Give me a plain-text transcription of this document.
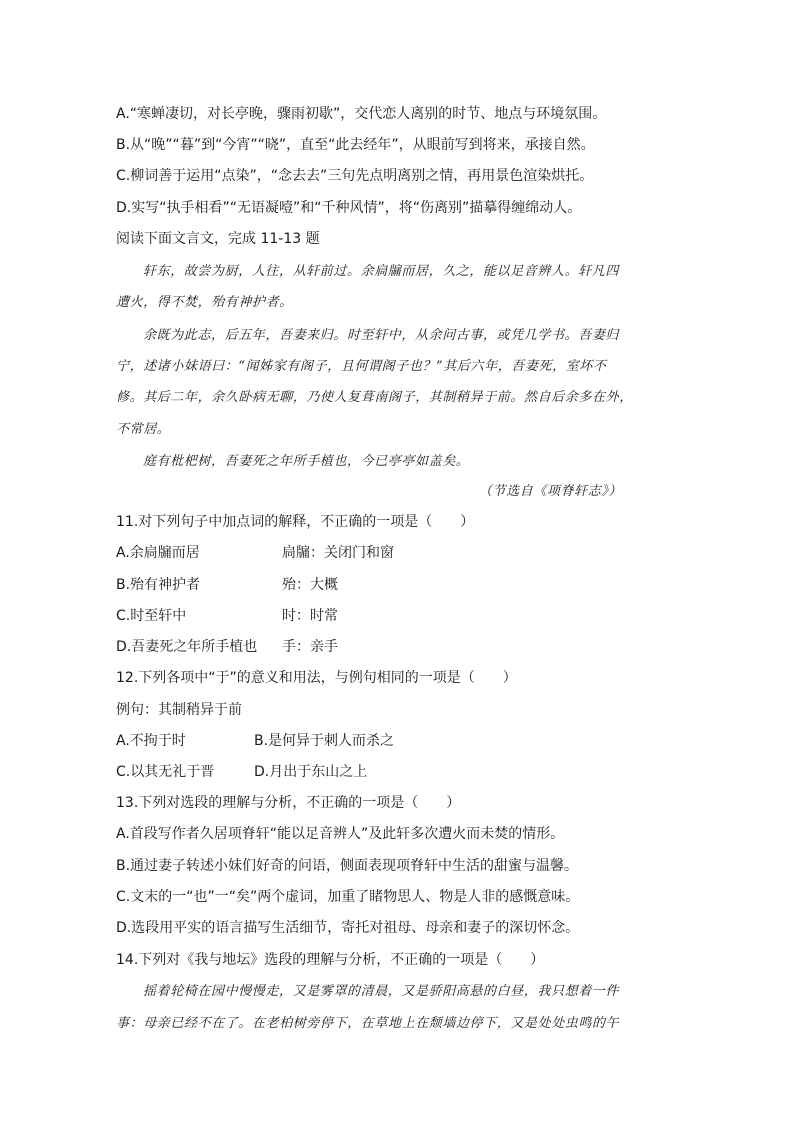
A.“寒蝉凄切，对长亭晚，骤雨初歇”，交代恋人离别的时节、地点与环境氛围。
B.从“晚”“暮”到“今宵”“晓”，直至“此去经年”，从眼前写到将来，承接自然。
C.柳词善于运用“点染”，“念去去”三句先点明离别之情，再用景色渲染烘托。
D.实写“执手相看”“无语凝噎”和“千种风情”，将“伤离别”描摹得缠绵动人。
阅读下面文言文，完成 11-13 题
轩东，故尝为厨，人往，从轩前过。余扃牖而居，久之，能以足音辨人。轩凡四
遭火，得不焚，殆有神护者。
余既为此志，后五年，吾妻来归。时至轩中，从余问古事，或凭几学书。吾妻归
宁，述诸小妹语曰：“闻姊家有阁子，且何谓阁子也？”其后六年，吾妻死，室坏不
修。其后二年，余久卧病无聊，乃使人复葺南阁子，其制稍异于前。然自后余多在外，
不常居。
庭有枇杷树，吾妻死之年所手植也，今已亭亭如盖矣。
（节选自《项脊轩志》）
11.对下列句子中加点词的解释，不正确的一项是（　　）
A.余扃牖而居	扃牖：关闭门和窗
B.殆有神护者	殆：大概
C.时至轩中	时：时常
D.吾妻死之年所手植也 手：亲手
12.下列各项中“于”的意义和用法，与例句相同的一项是（　　）
例句：其制稍异于前
A.不拘于时	B.是何异于刺人而杀之
C.以其无礼于晋	D.月出于东山之上
13.下列对选段的理解与分析，不正确的一项是（　　）
A.首段写作者久居项脊轩“能以足音辨人”及此轩多次遭火而未焚的情形。
B.通过妻子转述小妹们好奇的问语，侧面表现项脊轩中生活的甜蜜与温馨。
C.文末的一“也”一“矣”两个虚词，加重了睹物思人、物是人非的感慨意味。
D.选段用平实的语言描写生活细节，寄托对祖母、母亲和妻子的深切怀念。
14.下列对《我与地坛》选段的理解与分析，不正确的一项是（　　）
摇着轮椅在园中慢慢走，又是雾罩的清晨，又是骄阳高悬的白昼，我只想着一件
事：母亲已经不在了。在老柏树旁停下，在草地上在颓墙边停下，又是处处虫鸣的午
